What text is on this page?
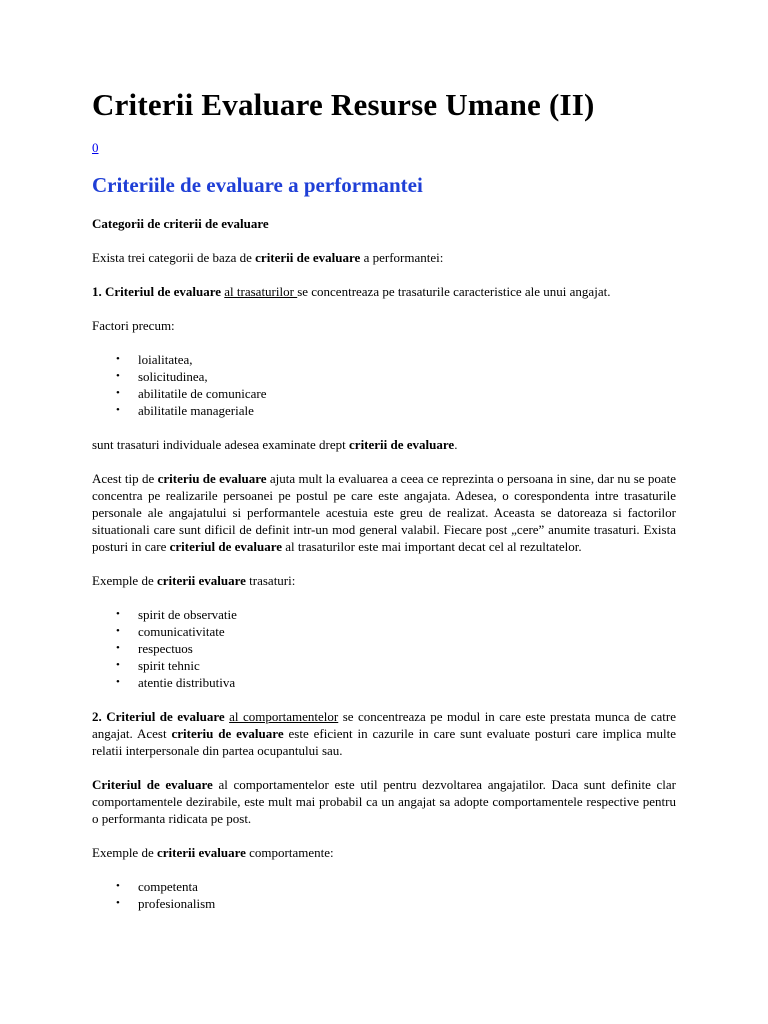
Criterii Evaluare Resurse Umane (II)
0
Criteriile de evaluare a performantei

Categorii de criterii de evaluare

Exista trei categorii de baza de criterii de evaluare a performantei:

1. Criteriul de evaluare al trasaturilor se concentreaza pe trasaturile caracteristice ale unui angajat.

Factori precum:

• loialitatea,
• solicitudinea,
• abilitatile de comunicare
• abilitatile manageriale

sunt trasaturi individuale adesea examinate drept criterii de evaluare.

Acest tip de criteriu de evaluare ajuta mult la evaluarea a ceea ce reprezinta o persoana in sine, dar nu se poate concentra pe realizarile persoanei pe postul pe care este angajata. Adesea, o corespondenta intre trasaturile personale ale angajatului si performantele acestuia este greu de realizat. Aceasta se datoreaza si factorilor situationali care sunt dificil de definit intr-un mod general valabil. Fiecare post „cere” anumite trasaturi. Exista posturi in care criteriul de evaluare al trasaturilor este mai important decat cel al rezultatelor.

Exemple de criterii evaluare trasaturi:

• spirit de observatie
• comunicativitate
• respectuos
• spirit tehnic
• atentie distributiva

2. Criteriul de evaluare al comportamentelor se concentreaza pe modul in care este prestata munca de catre angajat. Acest criteriu de evaluare este eficient in cazurile in care sunt evaluate posturi care implica multe relatii interpersonale din partea ocupantului sau.

Criteriul de evaluare al comportamentelor este util pentru dezvoltarea angajatilor. Daca sunt definite clar comportamentele dezirabile, este mult mai probabil ca un angajat sa adopte comportamentele respective pentru o performanta ridicata pe post.

Exemple de criterii evaluare comportamente:

• competenta
• profesionalism
